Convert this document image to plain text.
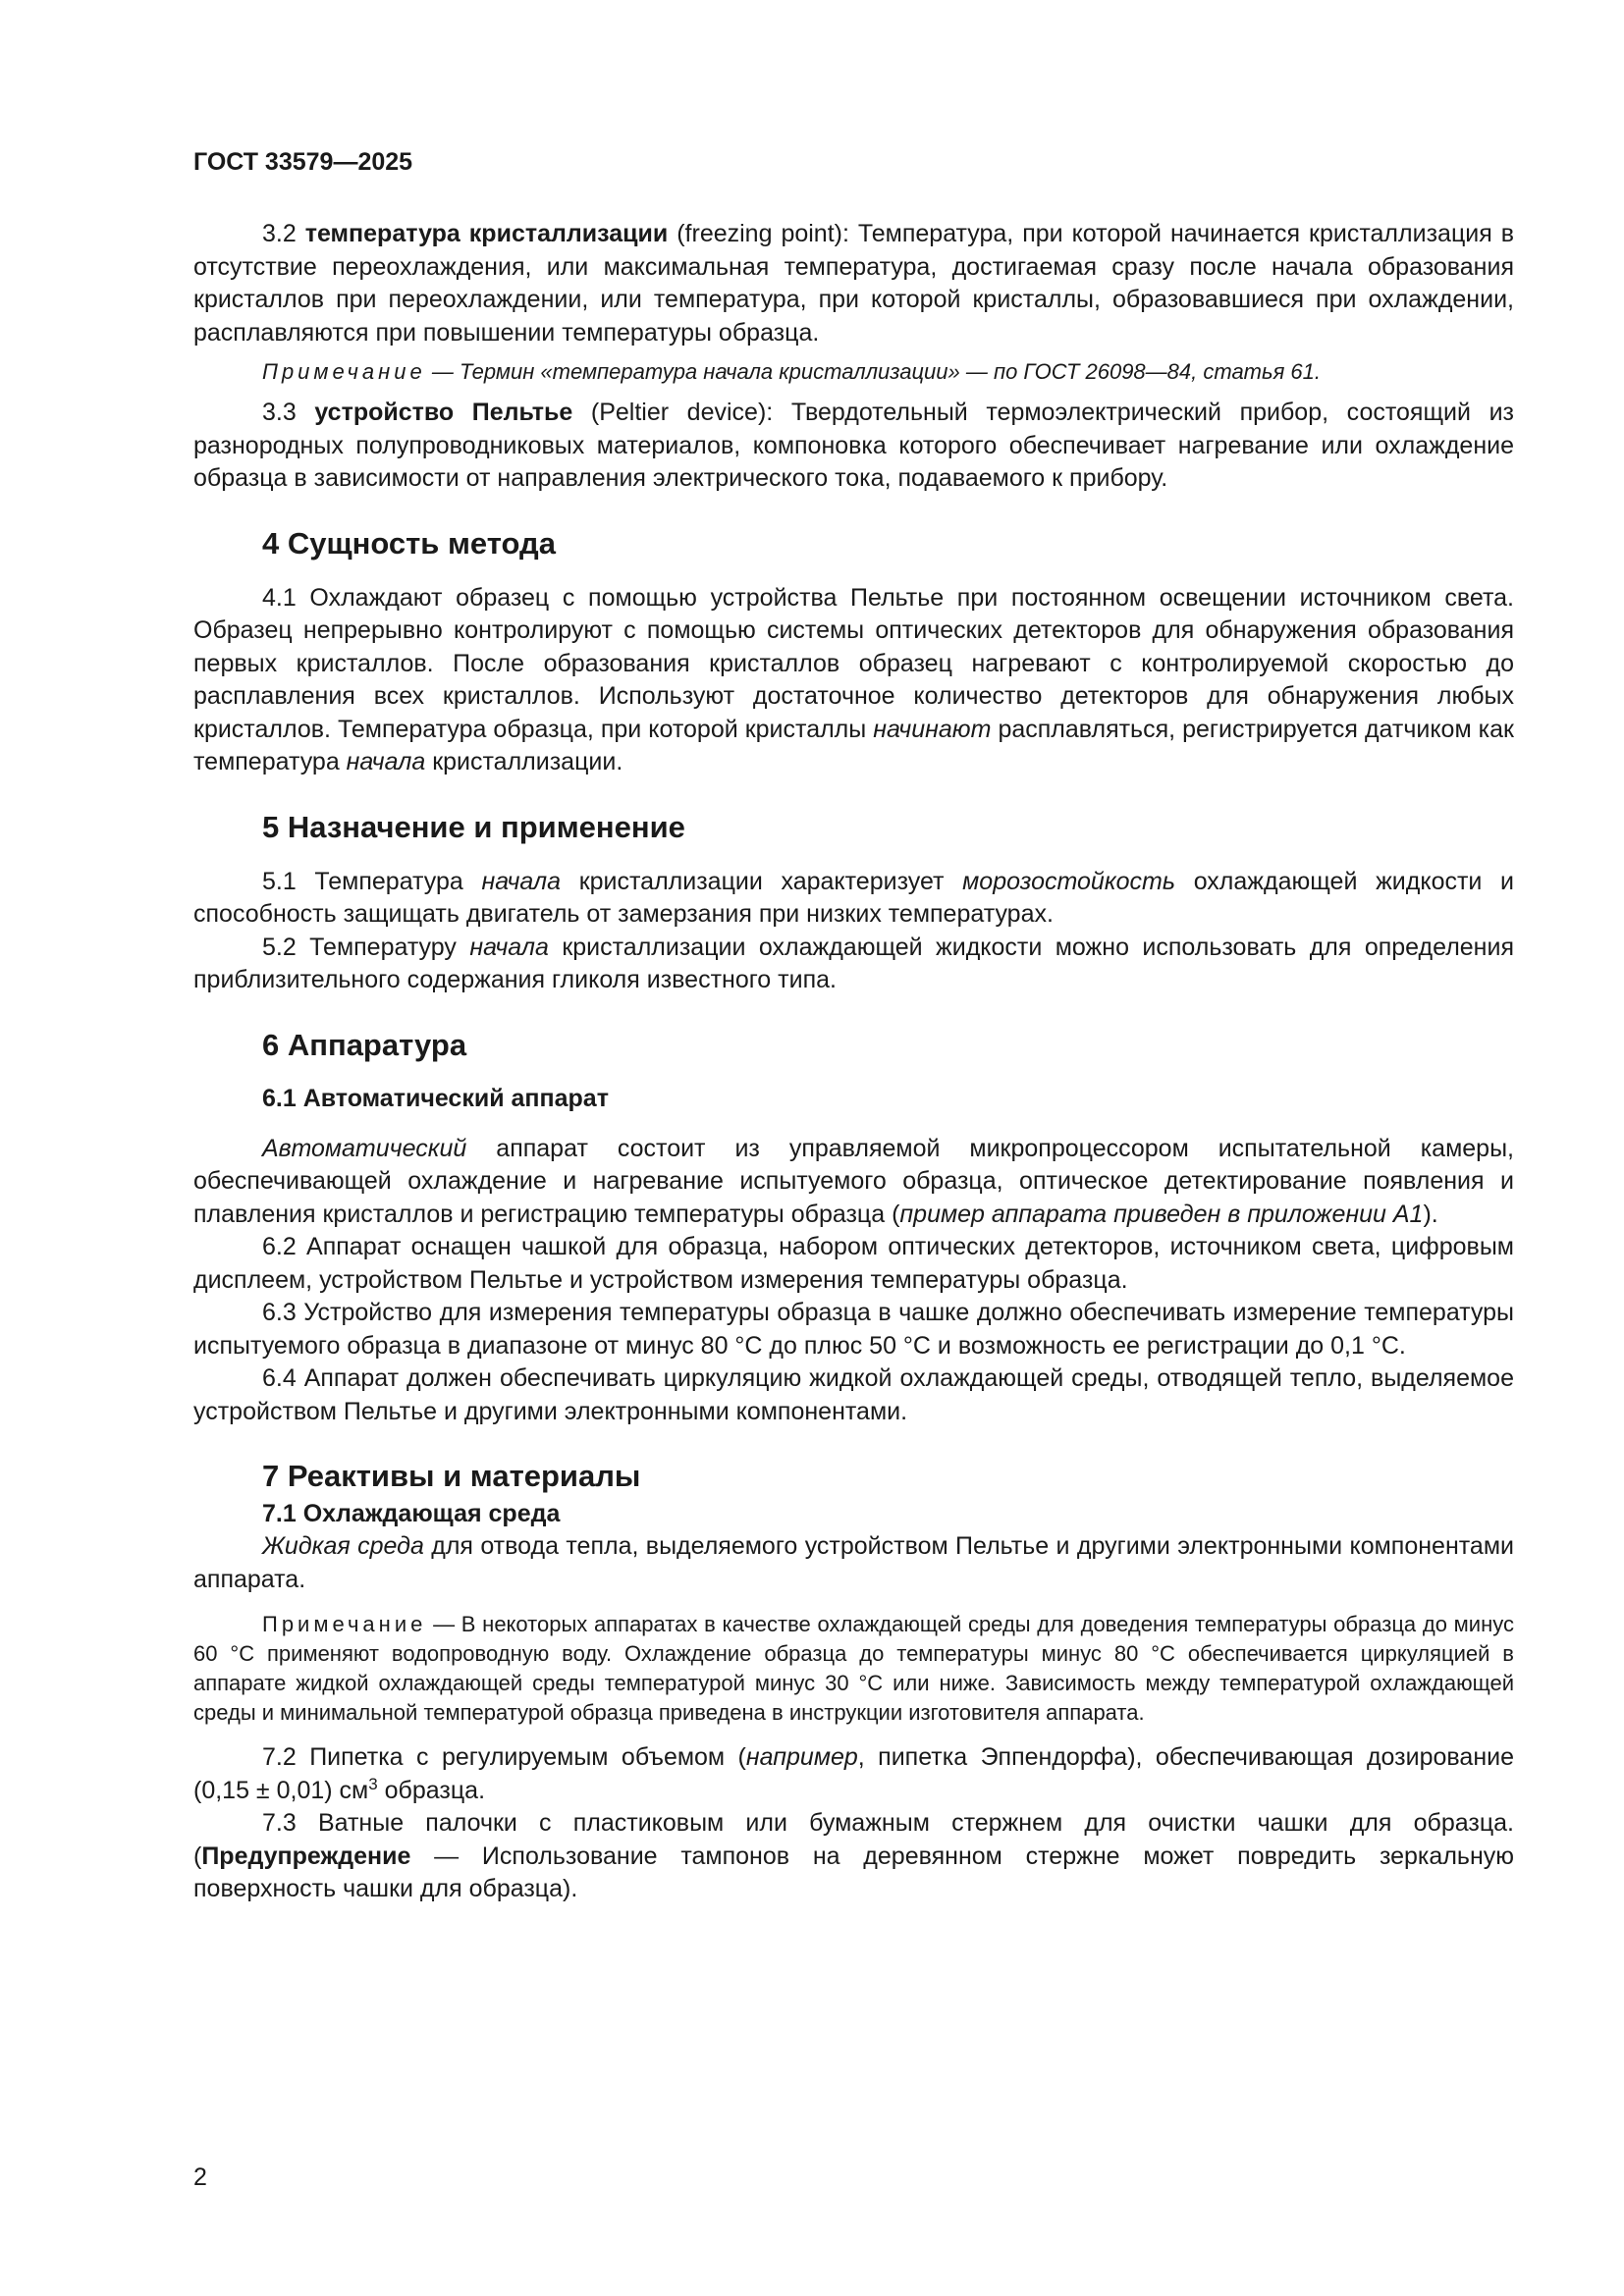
ГОСТ 33579—2025

3.2 температура кристаллизации (freezing point): Температура, при которой начинается кристаллизация в отсутствие переохлаждения, или максимальная температура, достигаемая сразу после начала образования кристаллов при переохлаждении, или температура, при которой кристаллы, образовавшиеся при охлаждении, расплавляются при повышении температуры образца.

Примечание — Термин «температура начала кристаллизации» — по ГОСТ 26098—84, статья 61.

3.3 устройство Пельтье (Peltier device): Твердотельный термоэлектрический прибор, состоящий из разнородных полупроводниковых материалов, компоновка которого обеспечивает нагревание или охлаждение образца в зависимости от направления электрического тока, подаваемого к прибору.

4 Сущность метода

4.1 Охлаждают образец с помощью устройства Пельтье при постоянном освещении источником света. Образец непрерывно контролируют с помощью системы оптических детекторов для обнаружения образования первых кристаллов. После образования кристаллов образец нагревают с контролируемой скоростью до расплавления всех кристаллов. Используют достаточное количество детекторов для обнаружения любых кристаллов. Температура образца, при которой кристаллы начинают расплавляться, регистрируется датчиком как температура начала кристаллизации.

5 Назначение и применение

5.1 Температура начала кристаллизации характеризует морозостойкость охлаждающей жидкости и способность защищать двигатель от замерзания при низких температурах.

5.2 Температуру начала кристаллизации охлаждающей жидкости можно использовать для определения приблизительного содержания гликоля известного типа.

6 Аппаратура
6.1 Автоматический аппарат

Автоматический аппарат состоит из управляемой микропроцессором испытательной камеры, обеспечивающей охлаждение и нагревание испытуемого образца, оптическое детектирование появления и плавления кристаллов и регистрацию температуры образца (пример аппарата приведен в приложении А1).

6.2 Аппарат оснащен чашкой для образца, набором оптических детекторов, источником света, цифровым дисплеем, устройством Пельтье и устройством измерения температуры образца.

6.3 Устройство для измерения температуры образца в чашке должно обеспечивать измерение температуры испытуемого образца в диапазоне от минус 80 °С до плюс 50 °С и возможность ее регистрации до 0,1 °С.

6.4 Аппарат должен обеспечивать циркуляцию жидкой охлаждающей среды, отводящей тепло, выделяемое устройством Пельтье и другими электронными компонентами.

7 Реактивы и материалы
7.1 Охлаждающая среда

Жидкая среда для отвода тепла, выделяемого устройством Пельтье и другими электронными компонентами аппарата.

Примечание — В некоторых аппаратах в качестве охлаждающей среды для доведения температуры образца до минус 60 °С применяют водопроводную воду. Охлаждение образца до температуры минус 80 °С обеспечивается циркуляцией в аппарате жидкой охлаждающей среды температурой минус 30 °С или ниже. Зависимость между температурой охлаждающей среды и минимальной температурой образца приведена в инструкции изготовителя аппарата.

7.2 Пипетка с регулируемым объемом (например, пипетка Эппендорфа), обеспечивающая дозирование (0,15 ± 0,01) $см^3$ образца.

7.3 Ватные палочки с пластиковым или бумажным стержнем для очистки чашки для образца. (Предупреждение — Использование тампонов на деревянном стержне может повредить зеркальную поверхность чашки для образца).

2
